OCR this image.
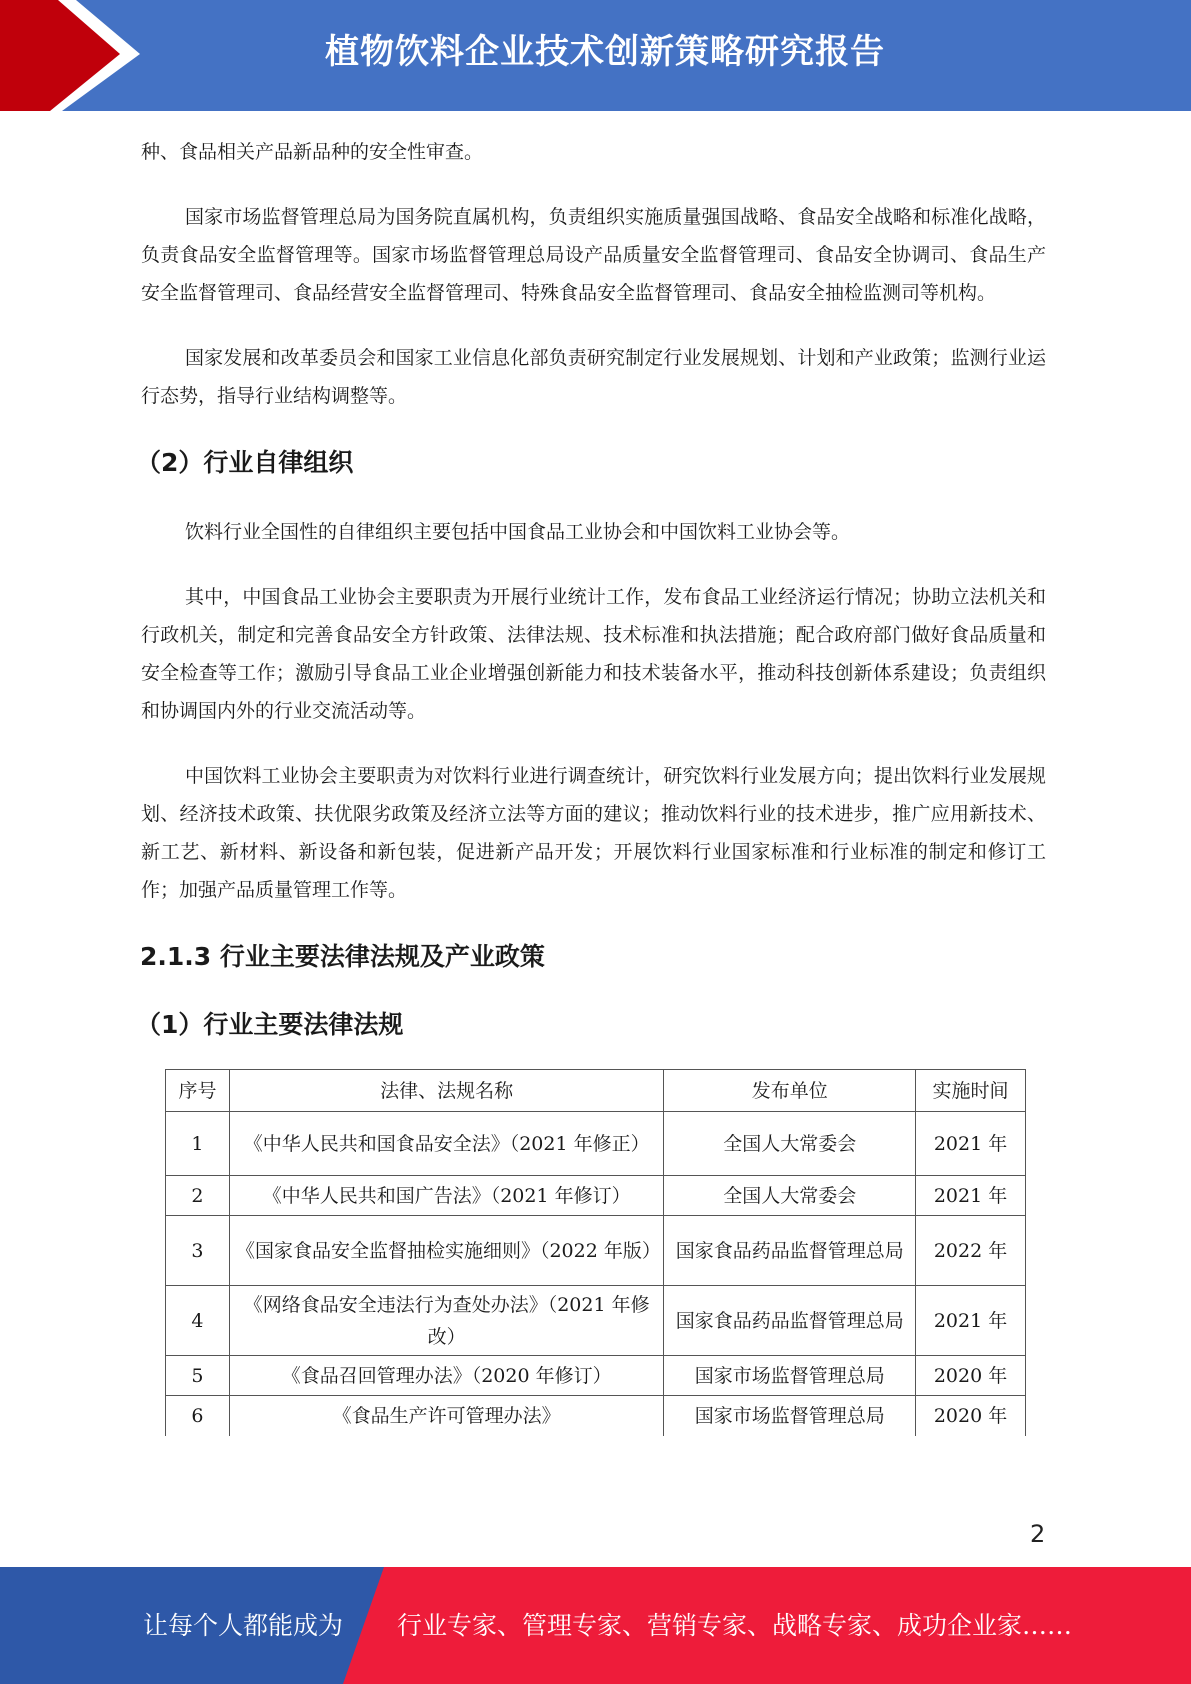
植物饮料企业技术创新策略研究报告

种、食品相关产品新品种的安全性审查。

国家市场监督管理总局为国务院直属机构，负责组织实施质量强国战略、食品安全战略和标准化战略，负责食品安全监督管理等。国家市场监督管理总局设产品质量安全监督管理司、食品安全协调司、食品生产安全监督管理司、食品经营安全监督管理司、特殊食品安全监督管理司、食品安全抽检监测司等机构。

国家发展和改革委员会和国家工业信息化部负责研究制定行业发展规划、计划和产业政策；监测行业运行态势，指导行业结构调整等。

（2）行业自律组织

饮料行业全国性的自律组织主要包括中国食品工业协会和中国饮料工业协会等。

其中，中国食品工业协会主要职责为开展行业统计工作，发布食品工业经济运行情况；协助立法机关和行政机关，制定和完善食品安全方针政策、法律法规、技术标准和执法措施；配合政府部门做好食品质量和安全检查等工作；激励引导食品工业企业增强创新能力和技术装备水平，推动科技创新体系建设；负责组织和协调国内外的行业交流活动等。

中国饮料工业协会主要职责为对饮料行业进行调查统计，研究饮料行业发展方向；提出饮料行业发展规划、经济技术政策、扶优限劣政策及经济立法等方面的建议；推动饮料行业的技术进步，推广应用新技术、新工艺、新材料、新设备和新包装，促进新产品开发；开展饮料行业国家标准和行业标准的制定和修订工作；加强产品质量管理工作等。

2.1.3 行业主要法律法规及产业政策
（1）行业主要法律法规
序号	法律、法规名称	发布单位	实施时间
1	《中华人民共和国食品安全法》（2021 年修正）	全国人大常委会	2021 年
2	《中华人民共和国广告法》（2021 年修订）	全国人大常委会	2021 年
3	《国家食品安全监督抽检实施细则》（2022 年版）	国家食品药品监督管理总局	2022 年
4	《网络食品安全违法行为查处办法》（2021 年修改）	国家食品药品监督管理总局	2021 年
5	《食品召回管理办法》（2020 年修订）	国家市场监督管理总局	2020 年
6	《食品生产许可管理办法》	国家市场监督管理总局	2020 年
2
让每个人都能成为 行业专家、管理专家、营销专家、战略专家、成功企业家……
